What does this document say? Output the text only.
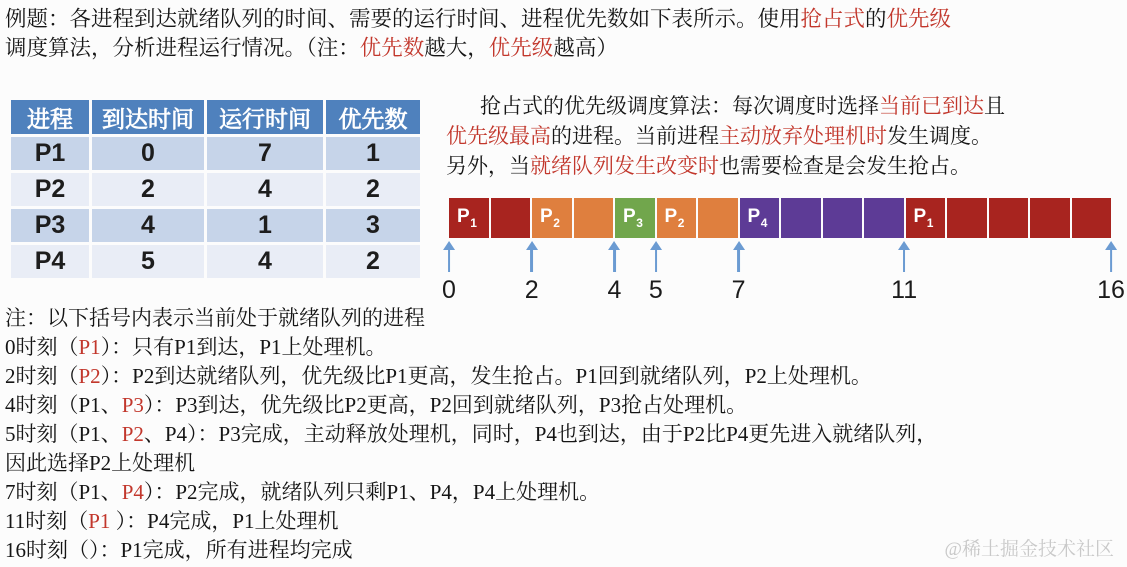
例题：各进程到达就绪队列的时间、需要的运行时间、进程优先数如下表所示。使用抢占式的优先级

调度算法，分析进程运行情况。（注：优先数越大，优先级越高）

进程	到达时间	运行时间	优先数
P1	0	7	1
P2	2	4	2
P3	4	1	3
P4	5	4	2

抢占式的优先级调度算法：每次调度时选择当前已到达且

优先级最高的进程。当前进程主动放弃处理机时发生调度。

另外，当就绪队列发生改变时也需要检查是会发生抢占。

$P_1$	$P_2$	$P_3$	$P_2$	$P_4$	$P_1$
0	2	4 5	7	11	16

注：以下括号内表示当前处于就绪队列的进程

0时刻（P1）：只有P1到达，P1上处理机。

2时刻（P2）：P2到达就绪队列，优先级比P1更高，发生抢占。P1回到就绪队列，P2上处理机。

4时刻（P1、P3）：P3到达，优先级比P2更高，P2回到就绪队列，P3抢占处理机。

5时刻（P1、P2、P4）：P3完成，主动释放处理机，同时，P4也到达，由于P2比P4更先进入就绪队列，

因此选择P2上处理机

7时刻（P1、P4）：P2完成，就绪队列只剩P1、P4，P4上处理机。

11时刻（P1 ）：P4完成，P1上处理机

16时刻（）：P1完成，所有进程均完成	@稀土掘金技术社区
